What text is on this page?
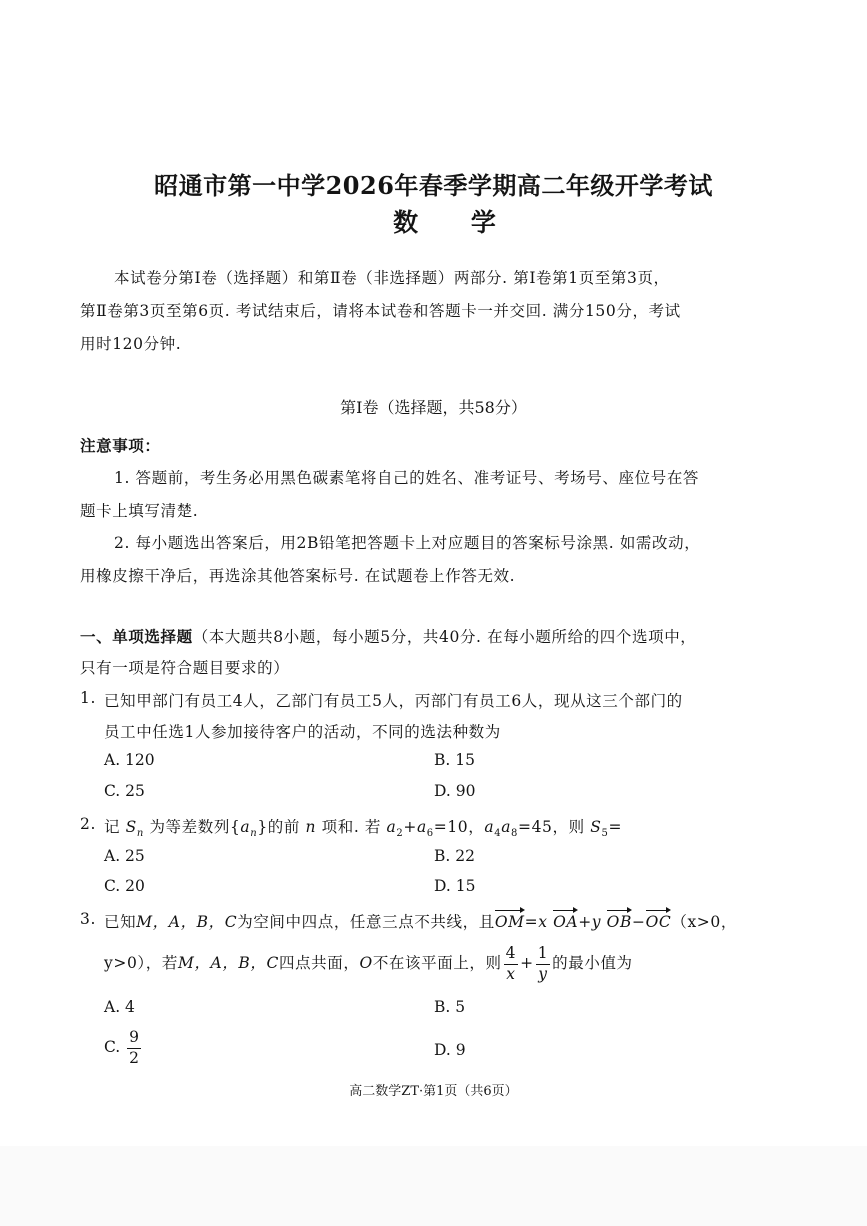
昭通市第一中学2026年春季学期高二年级开学考试
数 学
本试卷分第Ⅰ卷（选择题）和第Ⅱ卷（非选择题）两部分. 第Ⅰ卷第1页至第3页，
第Ⅱ卷第3页至第6页. 考试结束后，请将本试卷和答题卡一并交回. 满分150分，考试
用时120分钟.
第Ⅰ卷（选择题，共58分）
注意事项：
1. 答题前，考生务必用黑色碳素笔将自己的姓名、准考证号、考场号、座位号在答
题卡上填写清楚.
2. 每小题选出答案后，用2B铅笔把答题卡上对应题目的答案标号涂黑. 如需改动，
用橡皮擦干净后，再选涂其他答案标号. 在试题卷上作答无效.
一、单项选择题（本大题共8小题，每小题5分，共40分. 在每小题所给的四个选项中，
只有一项是符合题目要求的）
1. 已知甲部门有员工4人，乙部门有员工5人，丙部门有员工6人，现从这三个部门的
员工中任选1人参加接待客户的活动，不同的选法种数为
A. 120	B. 15
C. 25	D. 90
2. 记 $S_n$ 为等差数列$\{a_n\}$的前 n 项和. 若 $a_2+a_6=10$，$a_4a_8=45$，则 $S_5=$
A. 25	B. 22
C. 20	D. 15
3. 已知M，A，B，C为空间中四点，任意三点不共线，且OM=x OA+y OB−OC（x>0，
y>0），若M，A，B，C四点共面，O不在该平面上，则 $\frac{4}{x} + \frac{1}{y}$ 的最小值为
A. 4	B. 5
C. $\frac{9}{2}$	D. 9
高二数学ZT·第1页（共6页）
